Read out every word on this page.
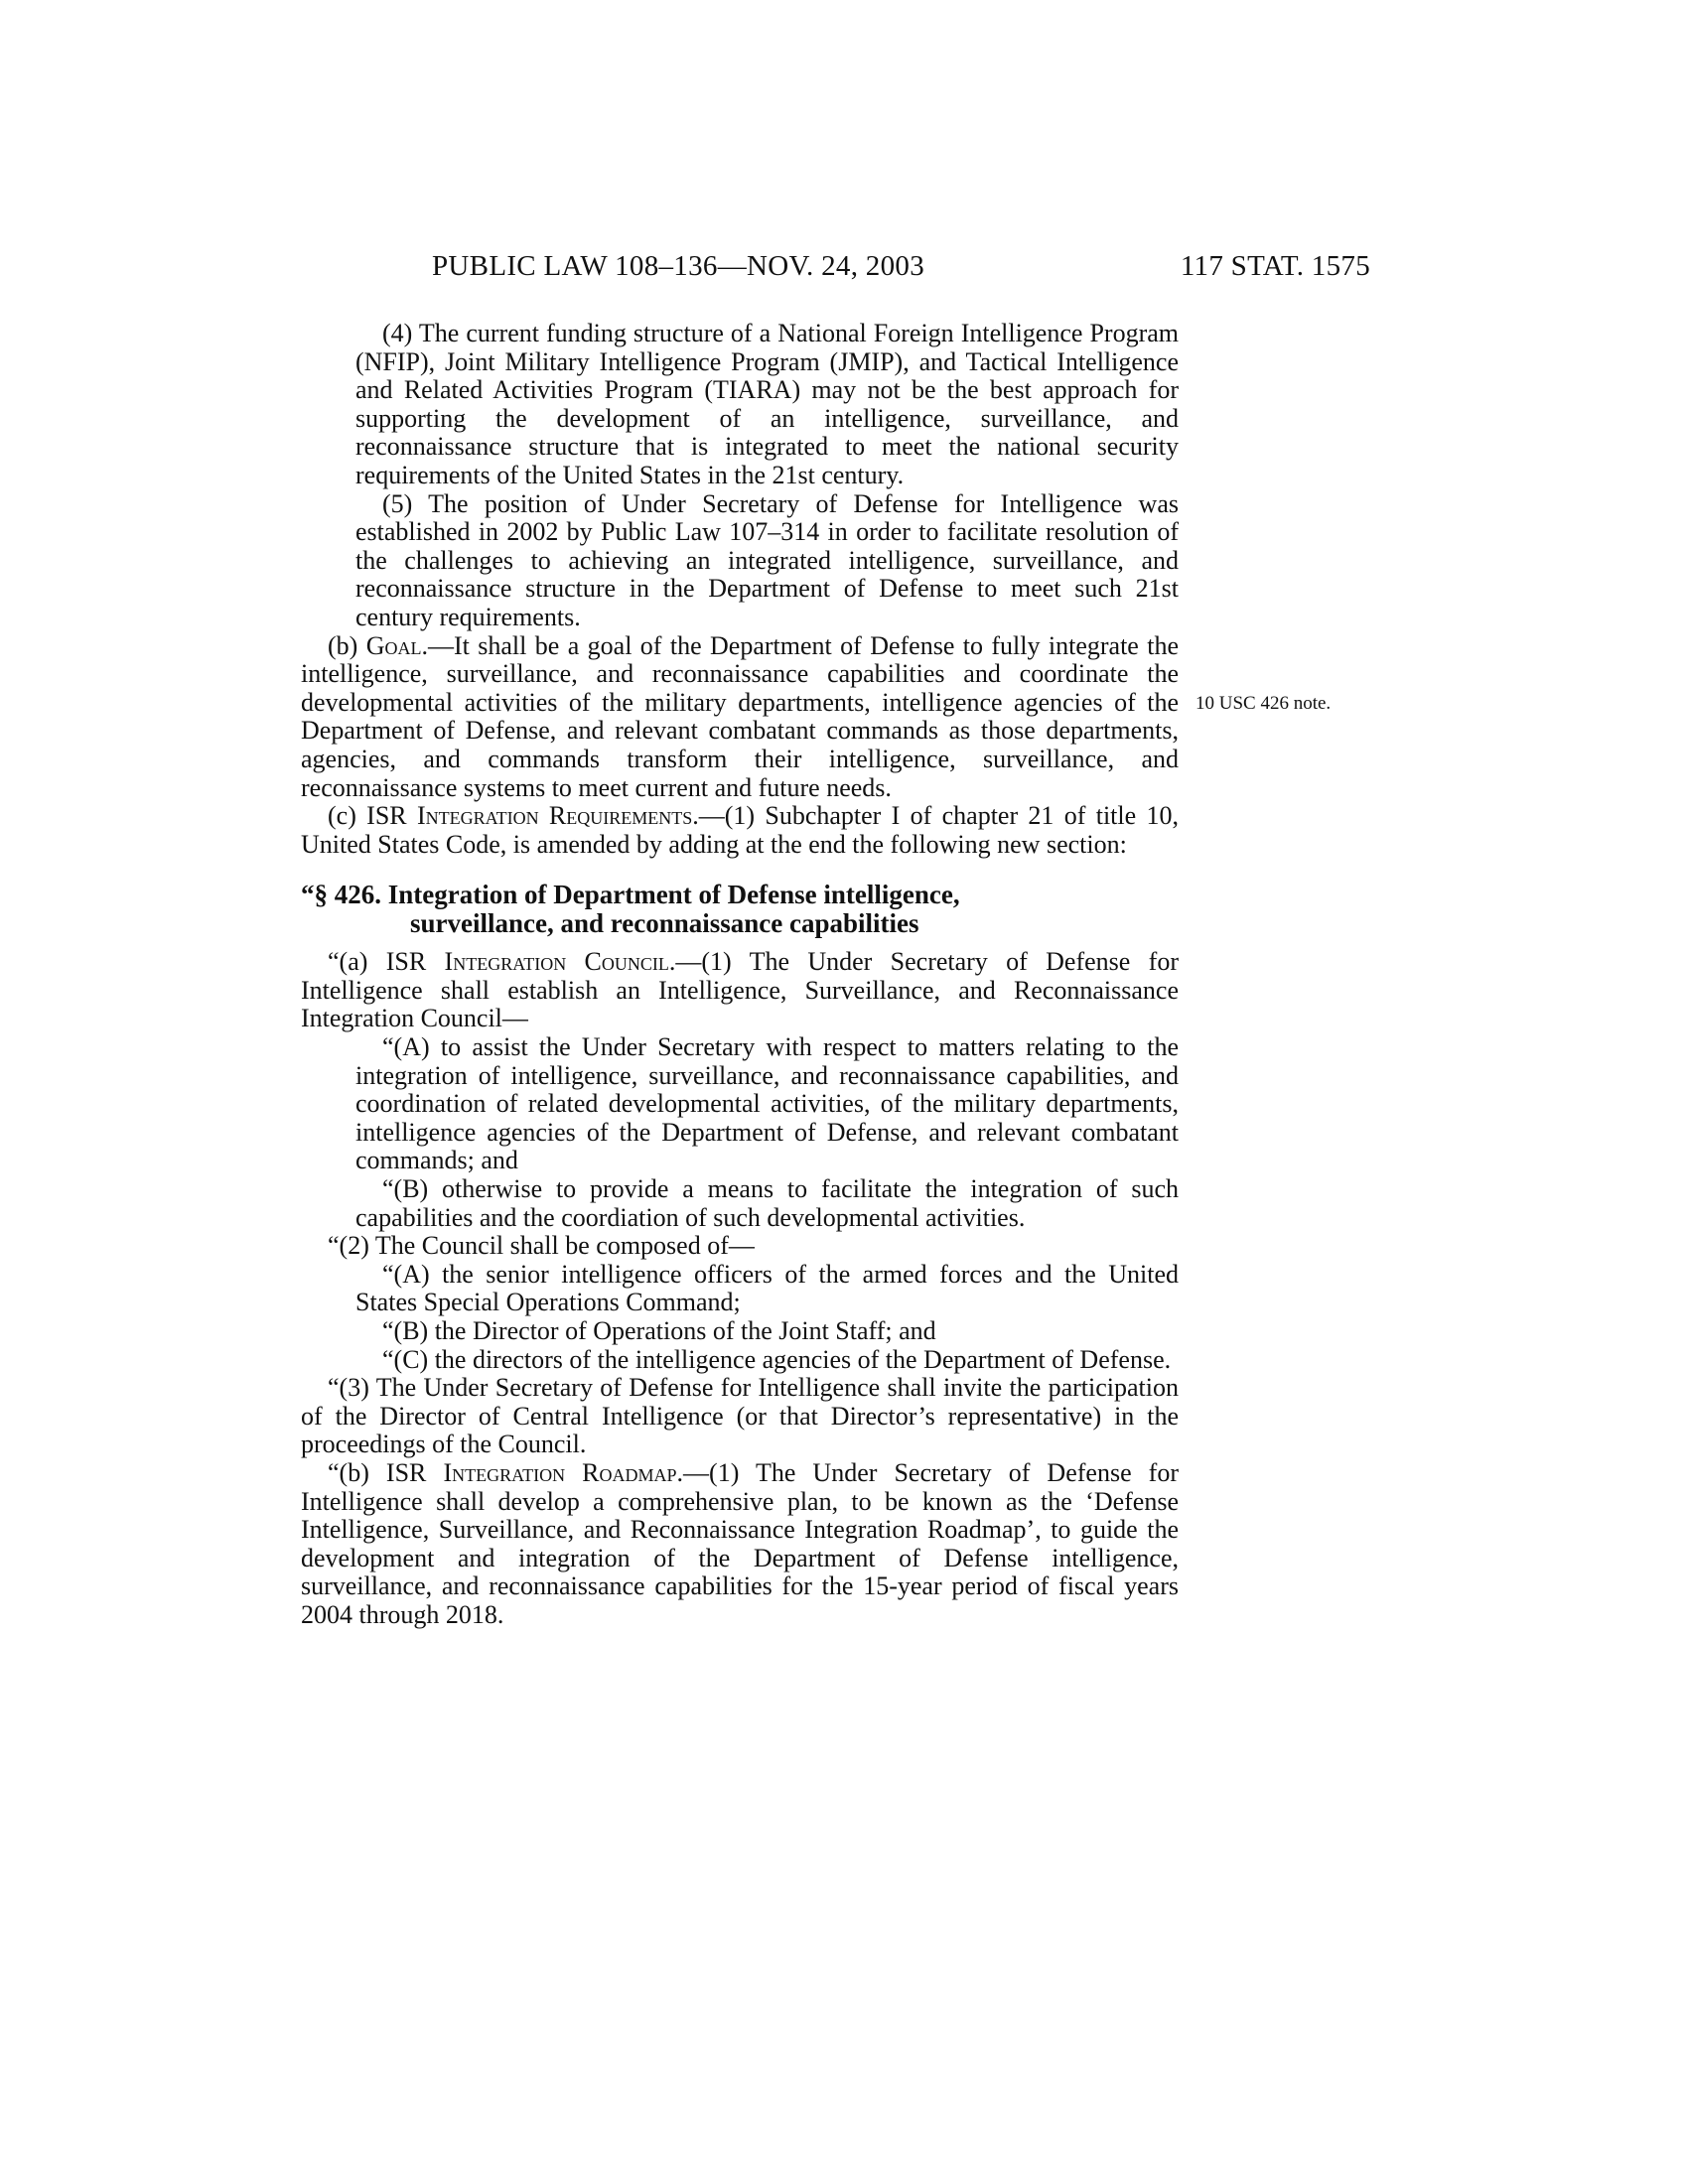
PUBLIC LAW 108–136—NOV. 24, 2003	117 STAT. 1575
10 USC 426 note.

(4) The current funding structure of a National Foreign Intelligence Program (NFIP), Joint Military Intelligence Program (JMIP), and Tactical Intelligence and Related Activities Program (TIARA) may not be the best approach for supporting the development of an intelligence, surveillance, and reconnaissance structure that is integrated to meet the national security requirements of the United States in the 21st century.

(5) The position of Under Secretary of Defense for Intelligence was established in 2002 by Public Law 107–314 in order to facilitate resolution of the challenges to achieving an integrated intelligence, surveillance, and reconnaissance structure in the Department of Defense to meet such 21st century requirements.

(b) Goal.—It shall be a goal of the Department of Defense to fully integrate the intelligence, surveillance, and reconnaissance capabilities and coordinate the developmental activities of the military departments, intelligence agencies of the Department of Defense, and relevant combatant commands as those departments, agencies, and commands transform their intelligence, surveillance, and reconnaissance systems to meet current and future needs.

(c) ISR Integration Requirements.—(1) Subchapter I of chapter 21 of title 10, United States Code, is amended by adding at the end the following new section:

“§ 426. Integration of Department of Defense intelligence,
surveillance, and reconnaissance capabilities

“(a) ISR Integration Council.—(1) The Under Secretary of Defense for Intelligence shall establish an Intelligence, Surveillance, and Reconnaissance Integration Council—

“(A) to assist the Under Secretary with respect to matters relating to the integration of intelligence, surveillance, and reconnaissance capabilities, and coordination of related developmental activities, of the military departments, intelligence agencies of the Department of Defense, and relevant combatant commands; and

“(B) otherwise to provide a means to facilitate the integration of such capabilities and the coordiation of such developmental activities.

“(2) The Council shall be composed of—

“(A) the senior intelligence officers of the armed forces and the United States Special Operations Command;

“(B) the Director of Operations of the Joint Staff; and

“(C) the directors of the intelligence agencies of the Department of Defense.

“(3) The Under Secretary of Defense for Intelligence shall invite the participation of the Director of Central Intelligence (or that Director’s representative) in the proceedings of the Council.

“(b) ISR Integration Roadmap.—(1) The Under Secretary of Defense for Intelligence shall develop a comprehensive plan, to be known as the ‘Defense Intelligence, Surveillance, and Reconnaissance Integration Roadmap’, to guide the development and integration of the Department of Defense intelligence, surveillance, and reconnaissance capabilities for the 15-year period of fiscal years 2004 through 2018.
